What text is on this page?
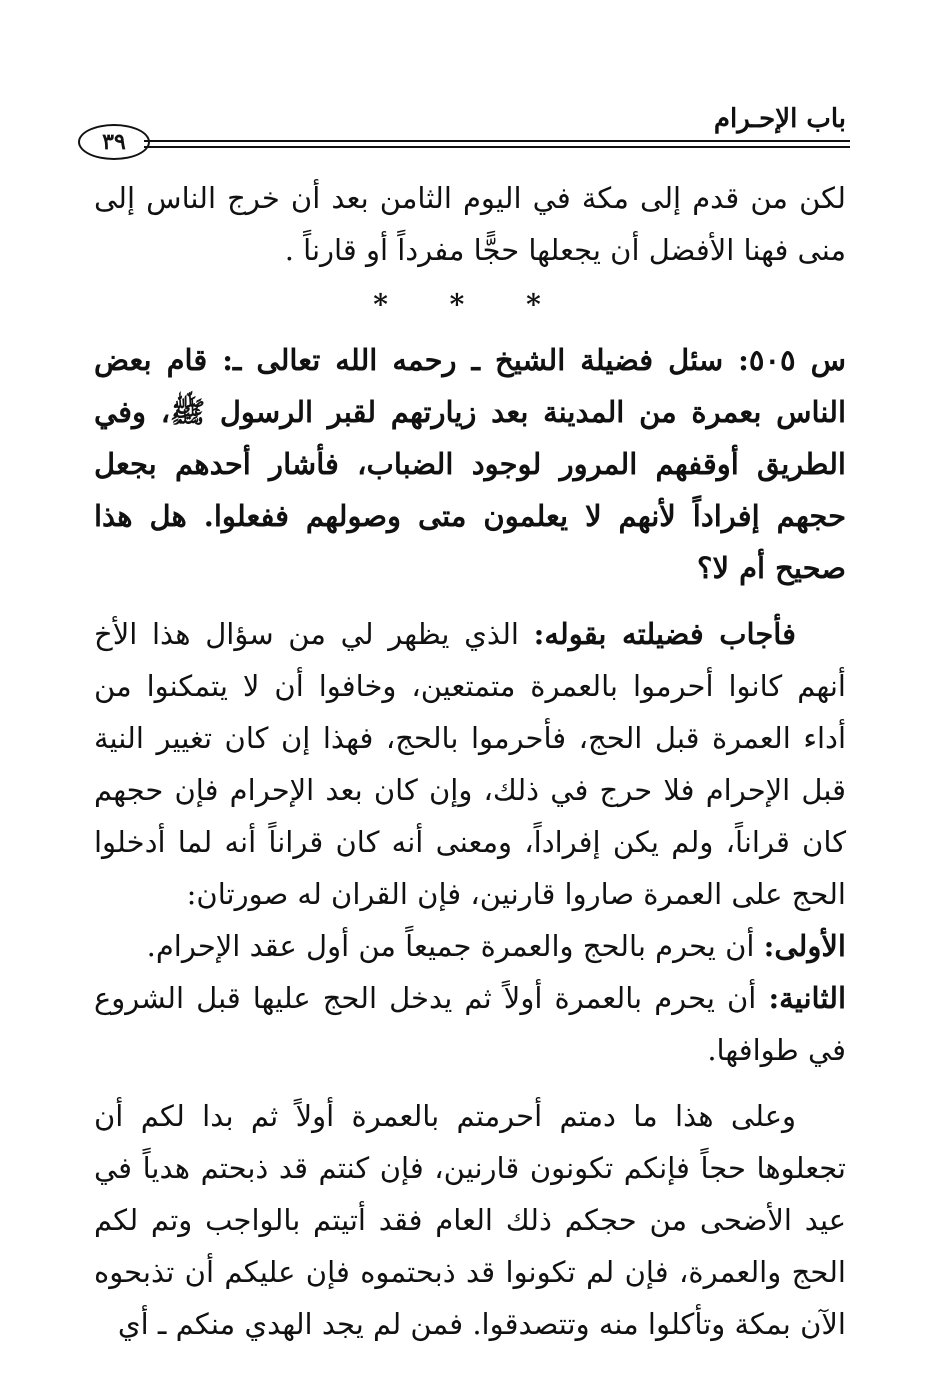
٣٩
باب الإحـرام

لكن من قدم إلى مكة في اليوم الثامن بعد أن خرج الناس إلى منى فهنا الأفضل أن يجعلها حجًّا مفرداً أو قارناً .

* * *

س ٥٠٥: سئل فضيلة الشيخ ـ رحمه الله تعالى ـ: قام بعض الناس بعمرة من المدينة بعد زيارتهم لقبر الرسول ﷺ، وفي الطريق أوقفهم المرور لوجود الضباب، فأشار أحدهم بجعل حجهم إفراداً لأنهم لا يعلمون متى وصولهم ففعلوا. هل هذا صحيح أم لا؟

فأجاب فضيلته بقوله: الذي يظهر لي من سؤال هذا الأخ أنهم كانوا أحرموا بالعمرة متمتعين، وخافوا أن لا يتمكنوا من أداء العمرة قبل الحج، فأحرموا بالحج، فهذا إن كان تغيير النية قبل الإحرام فلا حرج في ذلك، وإن كان بعد الإحرام فإن حجهم كان قراناً، ولم يكن إفراداً، ومعنى أنه كان قراناً أنه لما أدخلوا الحج على العمرة صاروا قارنين، فإن القران له صورتان:

الأولى: أن يحرم بالحج والعمرة جميعاً من أول عقد الإحرام.

الثانية: أن يحرم بالعمرة أولاً ثم يدخل الحج عليها قبل الشروع في طوافها.

وعلى هذا ما دمتم أحرمتم بالعمرة أولاً ثم بدا لكم أن تجعلوها حجاً فإنكم تكونون قارنين، فإن كنتم قد ذبحتم هدياً في عيد الأضحى من حجكم ذلك العام فقد أتيتم بالواجب وتم لكم الحج والعمرة، فإن لم تكونوا قد ذبحتموه فإن عليكم أن تذبحوه الآن بمكة وتأكلوا منه وتتصدقوا. فمن لم يجد الهدي منكم ـ أي
